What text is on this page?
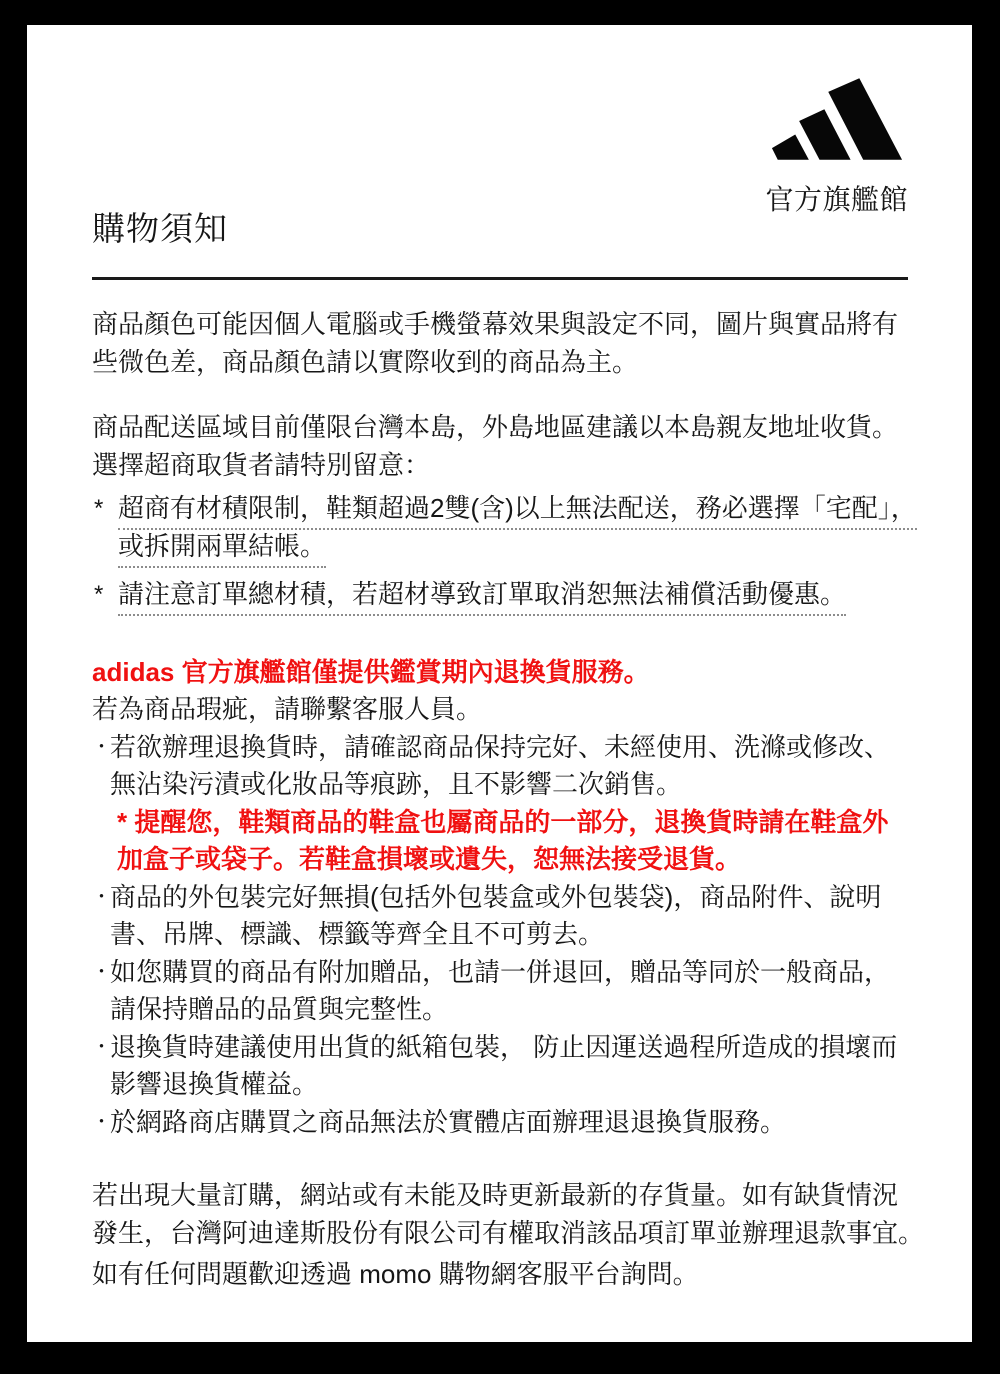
官方旗艦館
購物須知

商品顏色可能因個人電腦或手機螢幕效果與設定不同，圖片與實品將有
些微色差，商品顏色請以實際收到的商品為主。

商品配送區域目前僅限台灣本島，外島地區建議以本島親友地址收貨。
選擇超商取貨者請特別留意：
* 超商有材積限制，鞋類超過2雙(含)以上無法配送，務必選擇「宅配」，
或拆開兩單結帳。
* 請注意訂單總材積，若超材導致訂單取消恕無法補償活動優惠。
adidas 官方旗艦館僅提供鑑賞期內退換貨服務。
若為商品瑕疵，請聯繫客服人員。
・
若欲辦理退換貨時，請確認商品保持完好、未經使用、洗滌或修改、
無沾染污漬或化妝品等痕跡，且不影響二次銷售。
* 提醒您，鞋類商品的鞋盒也屬商品的一部分，退換貨時請在鞋盒外
加盒子或袋子。若鞋盒損壞或遺失，恕無法接受退貨。
・
商品的外包裝完好無損(包括外包裝盒或外包裝袋)，商品附件、說明
書、吊牌、標識、標籤等齊全且不可剪去。
・
如您購買的商品有附加贈品，也請一併退回，贈品等同於一般商品，
請保持贈品的品質與完整性。
・
退換貨時建議使用出貨的紙箱包裝， 防止因運送過程所造成的損壞而
影響退換貨權益。
・
於網路商店購買之商品無法於實體店面辦理退退換貨服務。
若出現大量訂購，網站或有未能及時更新最新的存貨量。如有缺貨情況
發生，台灣阿迪達斯股份有限公司有權取消該品項訂單並辦理退款事宜。
如有任何問題歡迎透過 momo 購物網客服平台詢問。
